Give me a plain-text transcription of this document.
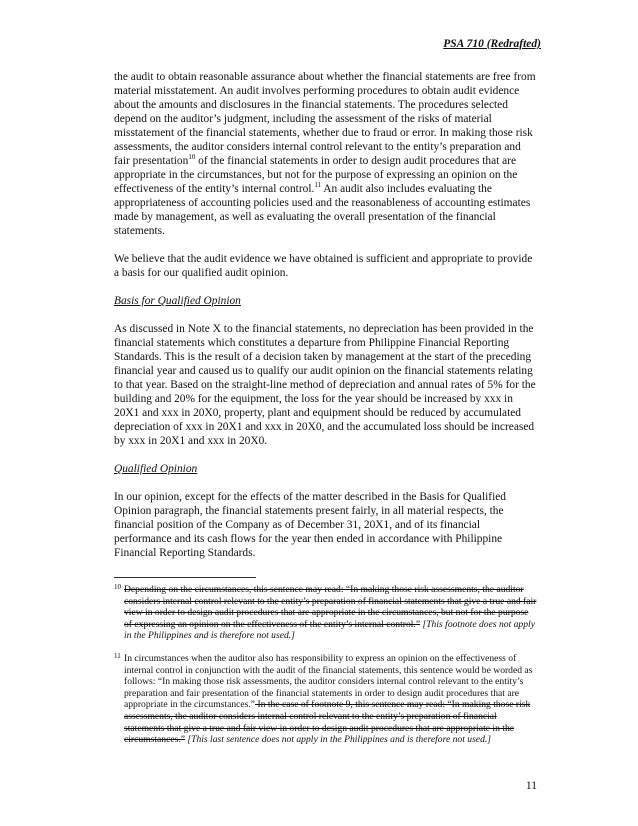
PSA 710 (Redrafted)

the audit to obtain reasonable assurance about whether the financial statements are free from material misstatement. An audit involves performing procedures to obtain audit evidence about the amounts and disclosures in the financial statements. The procedures selected depend on the auditor’s judgment, including the assessment of the risks of material misstatement of the financial statements, whether due to fraud or error. In making those risk assessments, the auditor considers internal control relevant to the entity’s preparation and fair presentation$^{10}$ of the financial statements in order to design audit procedures that are appropriate in the circumstances, but not for the purpose of expressing an opinion on the effectiveness of the entity’s internal control.$^{11}$ An audit also includes evaluating the appropriateness of accounting policies used and the reasonableness of accounting estimates made by management, as well as evaluating the overall presentation of the financial statements.

We believe that the audit evidence we have obtained is sufficient and appropriate to provide a basis for our qualified audit opinion.

Basis for Qualified Opinion

As discussed in Note X to the financial statements, no depreciation has been provided in the financial statements which constitutes a departure from Philippine Financial Reporting Standards. This is the result of a decision taken by management at the start of the preceding financial year and caused us to qualify our audit opinion on the financial statements relating to that year. Based on the straight-line method of depreciation and annual rates of 5% for the building and 20% for the equipment, the loss for the year should be increased by xxx in 20X1 and xxx in 20X0, property, plant and equipment should be reduced by accumulated depreciation of xxx in 20X1 and xxx in 20X0, and the accumulated loss should be increased by xxx in 20X1 and xxx in 20X0.

Qualified Opinion

In our opinion, except for the effects of the matter described in the Basis for Qualified Opinion paragraph, the financial statements present fairly, in all material respects, the financial position of the Company as of December 31, 20X1, and of its financial performance and its cash flows for the year then ended in accordance with Philippine Financial Reporting Standards.

10 Depending on the circumstances, this sentence may read: “In making those risk assessments, the auditor considers internal control relevant to the entity’s preparation of financial statements that give a true and fair view in order to design audit procedures that are appropriate in the circumstances, but not for the purpose of expressing an opinion on the effectiveness of the entity’s internal control.” [This footnote does not apply in the Philippines and is therefore not used.]
11 In circumstances when the auditor also has responsibility to express an opinion on the effectiveness of internal control in conjunction with the audit of the financial statements, this sentence would be worded as follows: “In making those risk assessments, the auditor considers internal control relevant to the entity’s preparation and fair presentation of the financial statements in order to design audit procedures that are appropriate in the circumstances.” In the case of footnote 9, this sentence may read: “In making those risk assessments, the auditor considers internal control relevant to the entity’s preparation of financial statements that give a true and fair view in order to design audit procedures that are appropriate in the circumstances.” [This last sentence does not apply in the Philippines and is therefore not used.]
11
